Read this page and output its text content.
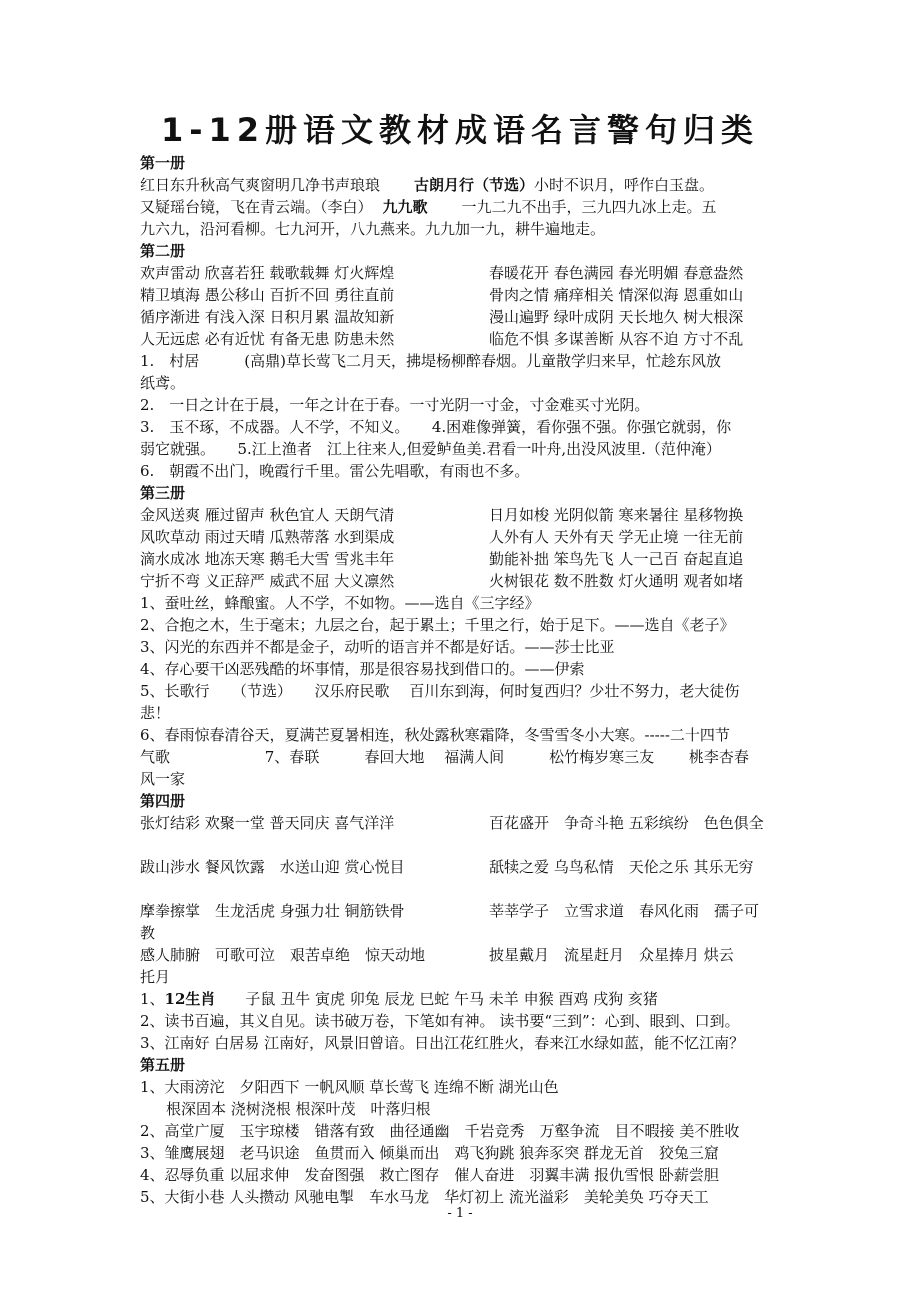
1-12册语文教材成语名言警句归类
第一册
红日东升秋高气爽窗明几净书声琅琅 古朗月行（节选）小时不识月，呼作白玉盘。
又疑瑶台镜，飞在青云端。（李白） 九九歌 一九二九不出手，三九四九冰上走。五
九六九，沿河看柳。七九河开，八九燕来。九九加一九，耕牛遍地走。
第二册
欢声雷动 欣喜若狂 载歌载舞 灯火辉煌	春暖花开 春色满园 春光明媚 春意盎然
精卫填海 愚公移山 百折不回 勇往直前	骨肉之情 痛痒相关 情深似海 恩重如山
循序渐进 有浅入深 日积月累 温故知新	漫山遍野 绿叶成阴 天长地久 树大根深
人无远虑 必有近忧 有备无患 防患未然	临危不惧 多谋善断 从容不迫 方寸不乱
1.　村居　　　(高鼎)草长莺飞二月天，拂堤杨柳醉春烟。儿童散学归来早，忙趁东风放
纸鸢。
2.　一日之计在于晨，一年之计在于春。一寸光阴一寸金，寸金难买寸光阴。
3.　玉不琢，不成器。人不学，不知义。　　4.困难像弹簧，看你强不强。你强它就弱，你
弱它就强。　　5.江上渔者　江上往来人,但爱鲈鱼美.君看一叶舟,出没风波里.（范仲淹）
6.　朝霞不出门，晚霞行千里。雷公先唱歌，有雨也不多。
第三册
金风送爽 雁过留声 秋色宜人 天朗气清	日月如梭 光阴似箭 寒来暑往 星移物换
风吹草动 雨过天晴 瓜熟蒂落 水到渠成	人外有人 天外有天 学无止境 一往无前
滴水成冰 地冻天寒 鹅毛大雪 雪兆丰年	勤能补拙 笨鸟先飞 人一己百 奋起直追
宁折不弯 义正辞严 威武不屈 大义凛然	火树银花 数不胜数 灯火通明 观者如堵
1、蚕吐丝，蜂酿蜜。人不学，不如物。——选自《三字经》
2、合抱之木，生于毫末；九层之台，起于累土；千里之行，始于足下。——选自《老子》
3、闪光的东西并不都是金子，动听的语言并不都是好话。——莎士比亚
4、存心要干凶恶残酷的坏事情，那是很容易找到借口的。——伊索
5、长歌行　　（节选）　　汉乐府民歌　 百川东到海，何时复西归？少壮不努力，老大徒伤
悲！
6、春雨惊春清谷天，夏满芒夏暑相连，秋处露秋寒霜降，冬雪雪冬小大寒。-----二十四节
气歌　　　　　　 7、春联　　　春回大地　 福满人间　　　松竹梅岁寒三友　　 桃李杏春
风一家
第四册
张灯结彩 欢聚一堂 普天同庆 喜气洋洋	百花盛开　争奇斗艳 五彩缤纷　色色俱全
跋山涉水 餐风饮露　水送山迎 赏心悦目	舐犊之爱 乌鸟私情　天伦之乐 其乐无穷
摩拳擦掌　生龙活虎 身强力壮 铜筋铁骨	莘莘学子　立雪求道　春风化雨　孺子可
教
感人肺腑　可歌可泣　艰苦卓绝　惊天动地	披星戴月　流星赶月　众星捧月 烘云
托月
1、12生肖　　子鼠 丑牛 寅虎 卯兔 辰龙 巳蛇 午马 未羊 申猴 酉鸡 戌狗 亥猪
2、读书百遍，其义自见。读书破万卷，下笔如有神。 读书要“三到”：心到、眼到、口到。
3、江南好 白居易 江南好，风景旧曾谙。日出江花红胜火，春来江水绿如蓝，能不忆江南？
第五册
1、大雨滂沱　夕阳西下 一帆风顺 草长莺飞 连绵不断 湖光山色
根深固本 浇树浇根 根深叶茂　叶落归根
2、高堂广厦　玉宇琼楼　错落有致　曲径通幽　千岩竞秀　万壑争流　目不暇接 美不胜收
3、雏鹰展翅　老马识途　鱼贯而入 倾巢而出　鸡飞狗跳 狼奔豕突 群龙无首　狡兔三窟
4、忍辱负重 以屈求伸　发奋图强　救亡图存　催人奋进　羽翼丰满 报仇雪恨 卧薪尝胆
5、大街小巷 人头攒动 风驰电掣　车水马龙　华灯初上 流光溢彩　美轮美奂 巧夺天工
- 1 -
